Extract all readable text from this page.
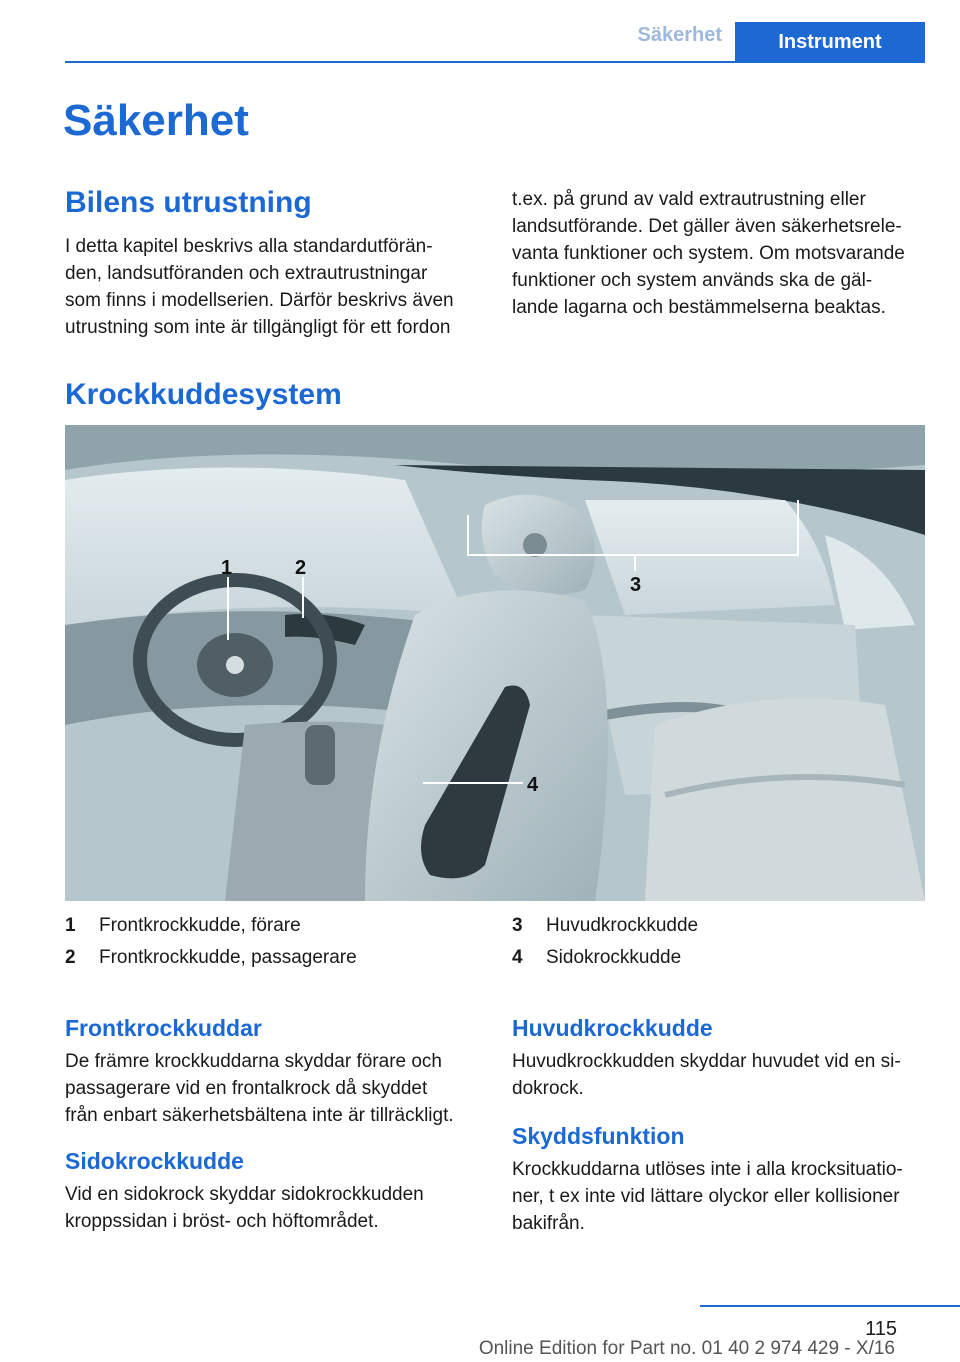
Säkerhet	Instrument
Säkerhet
Bilens utrustning

I detta kapitel beskrivs alla standardutförän-
den, landsutföranden och extrautrustningar
som finns i modellserien. Därför beskrivs även
utrustning som inte är tillgängligt för ett fordon

t.ex. på grund av vald extrautrustning eller
landsutförande. Det gäller även säkerhetsrele-
vanta funktioner och system. Om motsvarande
funktioner och system används ska de gäl-
lande lagarna och bestämmelserna beaktas.

Krockkuddesystem
1	2
3
4
1 Frontkrockkudde, förare
2 Frontkrockkudde, passagerare
3 Huvudkrockkudde
4 Sidokrockkudde
Frontkrockkuddar

De främre krockkuddarna skyddar förare och
passagerare vid en frontalkrock då skyddet
från enbart säkerhetsbältena inte är tillräckligt.

Sidokrockkudde

Vid en sidokrock skyddar sidokrockkudden
kroppssidan i bröst- och höftområdet.

Huvudkrockkudde

Huvudkrockkudden skyddar huvudet vid en si-
dokrock.

Skyddsfunktion

Krockkuddarna utlöses inte i alla krocksituatio-
ner, t ex inte vid lättare olyckor eller kollisioner
bakifrån.

115
Online Edition for Part no. 01 40 2 974 429 - X/16
